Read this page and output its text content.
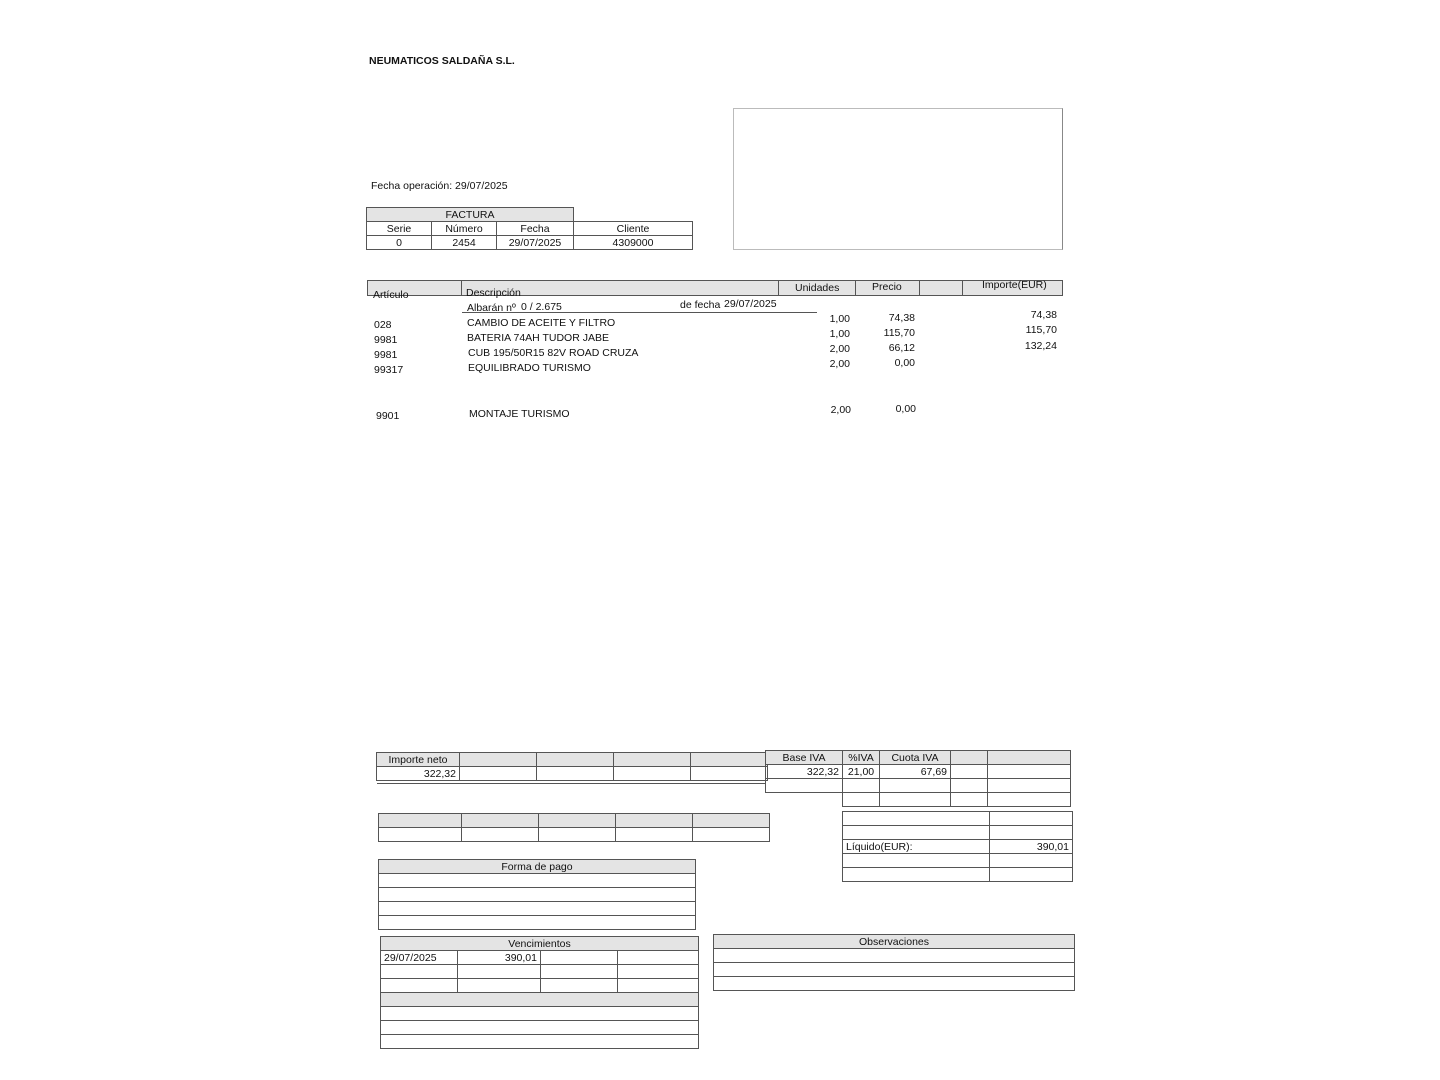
NEUMATICOS SALDAÑA S.L.
Fecha operación: 29/07/2025
FACTURA			
Serie	Número	Fecha	Cliente
0	2454	29/07/2025	4309000
Artículo	Descripción	Unidades	Precio	Importe(EUR)
Albarán nº 0 / 2.675	de fecha 29/07/2025
028	CAMBIO DE ACEITE Y FILTRO	1,00	74,38	74,38
9981	BATERIA 74AH TUDOR JABE	1,00	115,70	115,70
9981	CUB 195/50R15 82V ROAD CRUZA	2,00	66,12	132,24
99317	EQUILIBRADO TURISMO	2,00	0,00
9901	MONTAJE TURISMO	2,00	0,00
Importe neto				
322,32				
Base IVA	%IVA	Cuota IVA		
322,32	21,00	67,69		

Líquido(EUR):	390,01

Forma de pago

Vencimientos			
29/07/2025	390,01		

Observaciones
